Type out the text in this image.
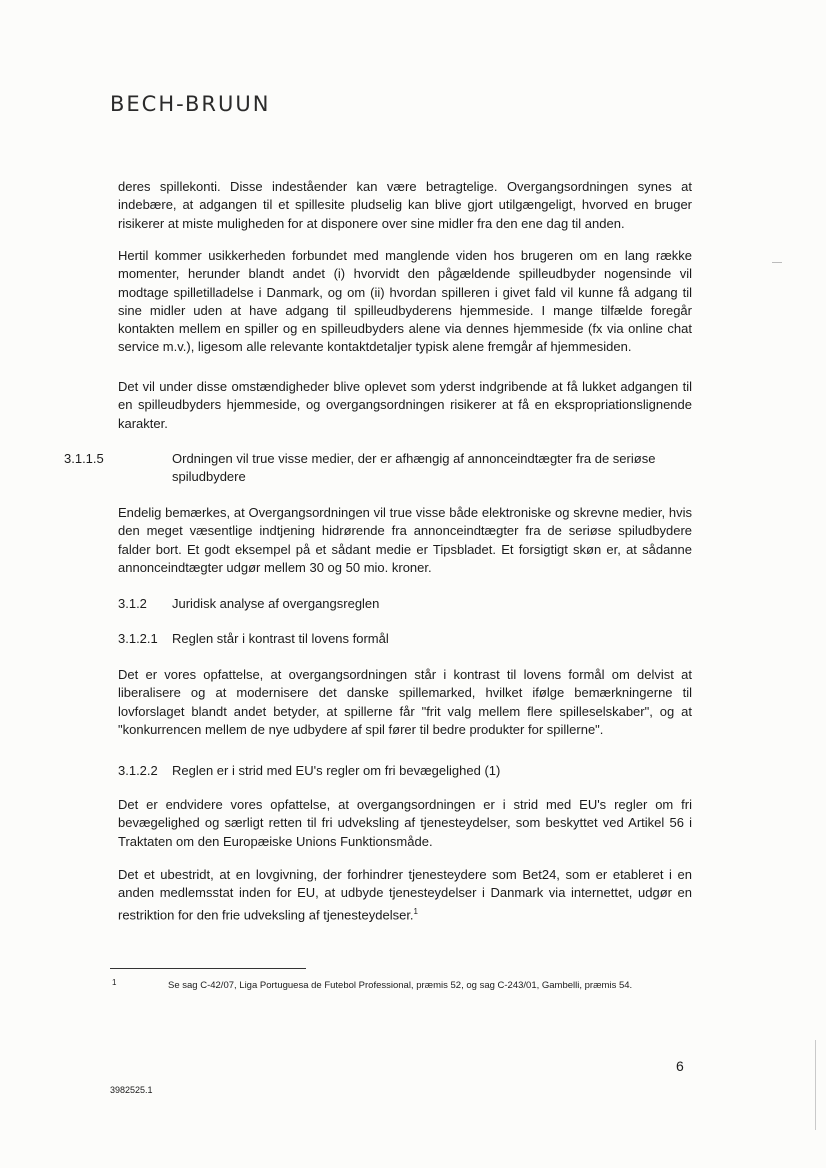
BECH-BRUUN

deres spillekonti. Disse indeståender kan være betragtelige. Overgangsordningen synes at indebære, at adgangen til et spillesite pludselig kan blive gjort utilgængeligt, hvorved en bruger risikerer at miste muligheden for at disponere over sine midler fra den ene dag til anden.

Hertil kommer usikkerheden forbundet med manglende viden hos brugeren om en lang række momenter, herunder blandt andet (i) hvorvidt den pågældende spilleudbyder nogensinde vil modtage spilletilladelse i Danmark, og om (ii) hvordan spilleren i givet fald vil kunne få adgang til sine midler uden at have adgang til spilleudbyderens hjemmeside. I mange tilfælde foregår kontakten mellem en spiller og en spilleudbyders alene via dennes hjemmeside (fx via online chat service m.v.), ligesom alle relevante kontaktdetaljer typisk alene fremgår af hjemmesiden.

Det vil under disse omstændigheder blive oplevet som yderst indgribende at få lukket adgangen til en spilleudbyders hjemmeside, og overgangsordningen risikerer at få en ekspropriationslignende karakter.

3.1.1.5	Ordningen vil true visse medier, der er afhængig af annonceindtægter fra de seriøse spiludbydere

Endelig bemærkes, at Overgangsordningen vil true visse både elektroniske og skrevne medier, hvis den meget væsentlige indtjening hidrørende fra annonceindtægter fra de seriøse spiludbydere falder bort. Et godt eksempel på et sådant medie er Tipsbladet. Et forsigtigt skøn er, at sådanne annonceindtægter udgør mellem 30 og 50 mio. kroner.

3.1.2 Juridisk analyse af overgangsreglen
3.1.2.1 Reglen står i kontrast til lovens formål

Det er vores opfattelse, at overgangsordningen står i kontrast til lovens formål om delvist at liberalisere og at modernisere det danske spillemarked, hvilket ifølge bemærkningerne til lovforslaget blandt andet betyder, at spillerne får "frit valg mellem flere spilleselskaber", og at "konkurrencen mellem de nye udbydere af spil fører til bedre produkter for spillerne".

3.1.2.2 Reglen er i strid med EU's regler om fri bevægelighed (1)

Det er endvidere vores opfattelse, at overgangsordningen er i strid med EU's regler om fri bevægelighed og særligt retten til fri udveksling af tjenesteydelser, som beskyttet ved Artikel 56 i Traktaten om den Europæiske Unions Funktionsmåde.

Det et ubestridt, at en lovgivning, der forhindrer tjenesteydere som Bet24, som er etableret i en anden medlemsstat inden for EU, at udbyde tjenesteydelser i Danmark via internettet, udgør en restriktion for den frie udveksling af tjenesteydelser.$^1$

1	Se sag C-42/07, Liga Portuguesa de Futebol Professional, præmis 52, og sag C-243/01, Gambelli, præmis 54.
6
3982525.1
